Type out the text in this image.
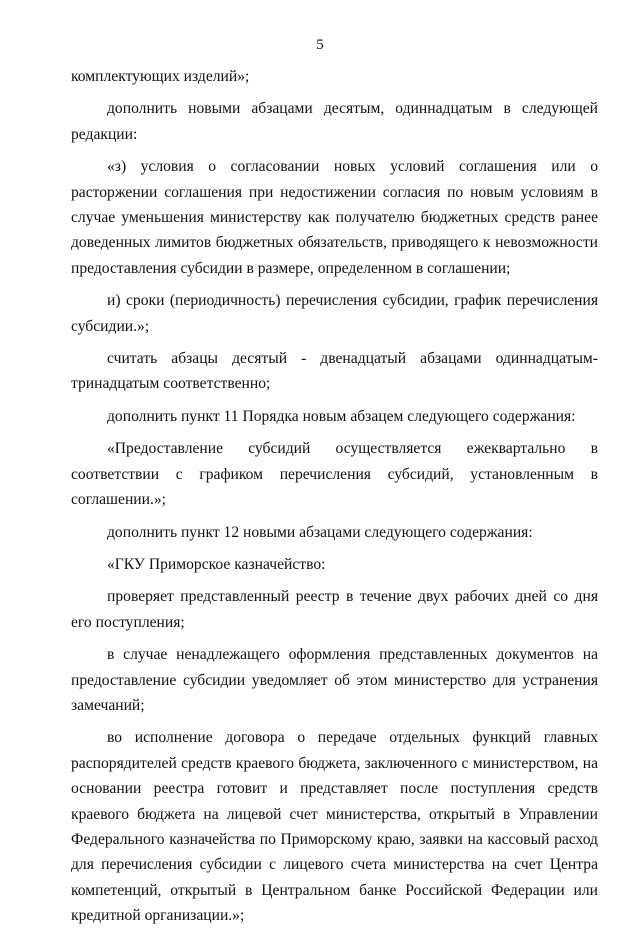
5

комплектующих изделий»;

дополнить новыми абзацами десятым, одиннадцатым в следующей редакции:

«з) условия о согласовании новых условий соглашения или о расторжении соглашения при недостижении согласия по новым условиям в случае уменьшения министерству как получателю бюджетных средств ранее доведенных лимитов бюджетных обязательств, приводящего к невозможности предоставления субсидии в размере, определенном в соглашении;

и) сроки (периодичность) перечисления субсидии, график перечисления субсидии.»;

считать абзацы десятый - двенадцатый абзацами одиннадцатым-тринадцатым соответственно;

дополнить пункт 11 Порядка новым абзацем следующего содержания:

«Предоставление субсидий осуществляется ежеквартально в соответствии с графиком перечисления субсидий, установленным в соглашении.»;

дополнить пункт 12 новыми абзацами следующего содержания:

«ГКУ Приморское казначейство:

проверяет представленный реестр в течение двух рабочих дней со дня его поступления;

в случае ненадлежащего оформления представленных документов на предоставление субсидии уведомляет об этом министерство для устранения замечаний;

во исполнение договора о передаче отдельных функций главных распорядителей средств краевого бюджета, заключенного с министерством, на основании реестра готовит и представляет после поступления средств краевого бюджета на лицевой счет министерства, открытый в Управлении Федерального казначейства по Приморскому краю, заявки на кассовый расход для перечисления субсидии с лицевого счета министерства на счет Центра компетенций, открытый в Центральном банке Российской Федерации или кредитной организации.»;
